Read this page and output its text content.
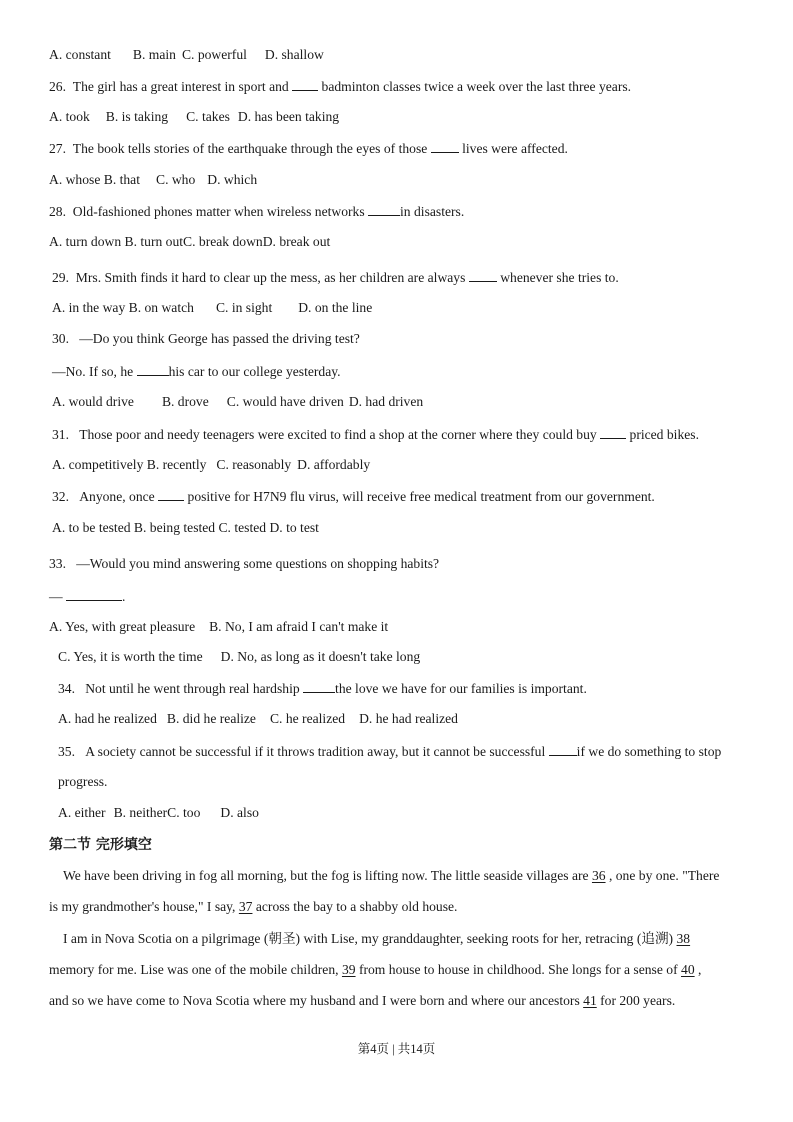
A. constant B. main C. powerful D. shallow
26. The girl has a great interest in sport and badminton classes twice a week over the last three years.
A. took B. is taking C. takes D. has been taking
27. The book tells stories of the earthquake through the eyes of those	lives were affected.
A. whose B. that C. who D. which
28. Old-fashioned phones matter when wireless networks	in disasters.
A. turn down B. turn outC. break downD. break out
29. Mrs. Smith finds it hard to clear up the mess, as her children are always	whenever she tries to.
A. in the way B. on watch C. in sight D. on the line
30. —Do you think George has passed the driving test?
—No. If so, he	his car to our college yesterday.
A. would drive B. drove C. would have driven D. had driven
31. Those poor and needy teenagers were excited to find a shop at the corner where they could buy priced bikes.
A. competitively B. recently C. reasonably D. affordably
32. Anyone, once positive for H7N9 flu virus, will receive free medical treatment from our government.
A. to be tested B. being tested C. tested D. to test
33. —Would you mind answering some questions on shopping habits?
—	.
A. Yes, with great pleasure B. No, I am afraid I can't make it
C. Yes, it is worth the time D. No, as long as it doesn't take long
34. Not until he went through real hardship	the love we have for our families is important.
A. had he realized B. did he realize C. he realized D. he had realized
35. A society cannot be successful if it throws tradition away, but it cannot be successful if we do something to stop
progress.
A. either B. neitherC. too D. also
第二节 完形填空
We have been driving in fog all morning, but the fog is lifting now. The little seaside villages are 36 , one by one. "There
is my grandmother's house," I say, 37 across the bay to a shabby old house.
I am in Nova Scotia on a pilgrimage (朝圣) with Lise, my granddaughter, seeking roots for her, retracing (追溯) 38
memory for me. Lise was one of the mobile children, 39 from house to house in childhood. She longs for a sense of 40 ,
and so we have come to Nova Scotia where my husband and I were born and where our ancestors 41 for 200 years.
第4页 | 共14页
